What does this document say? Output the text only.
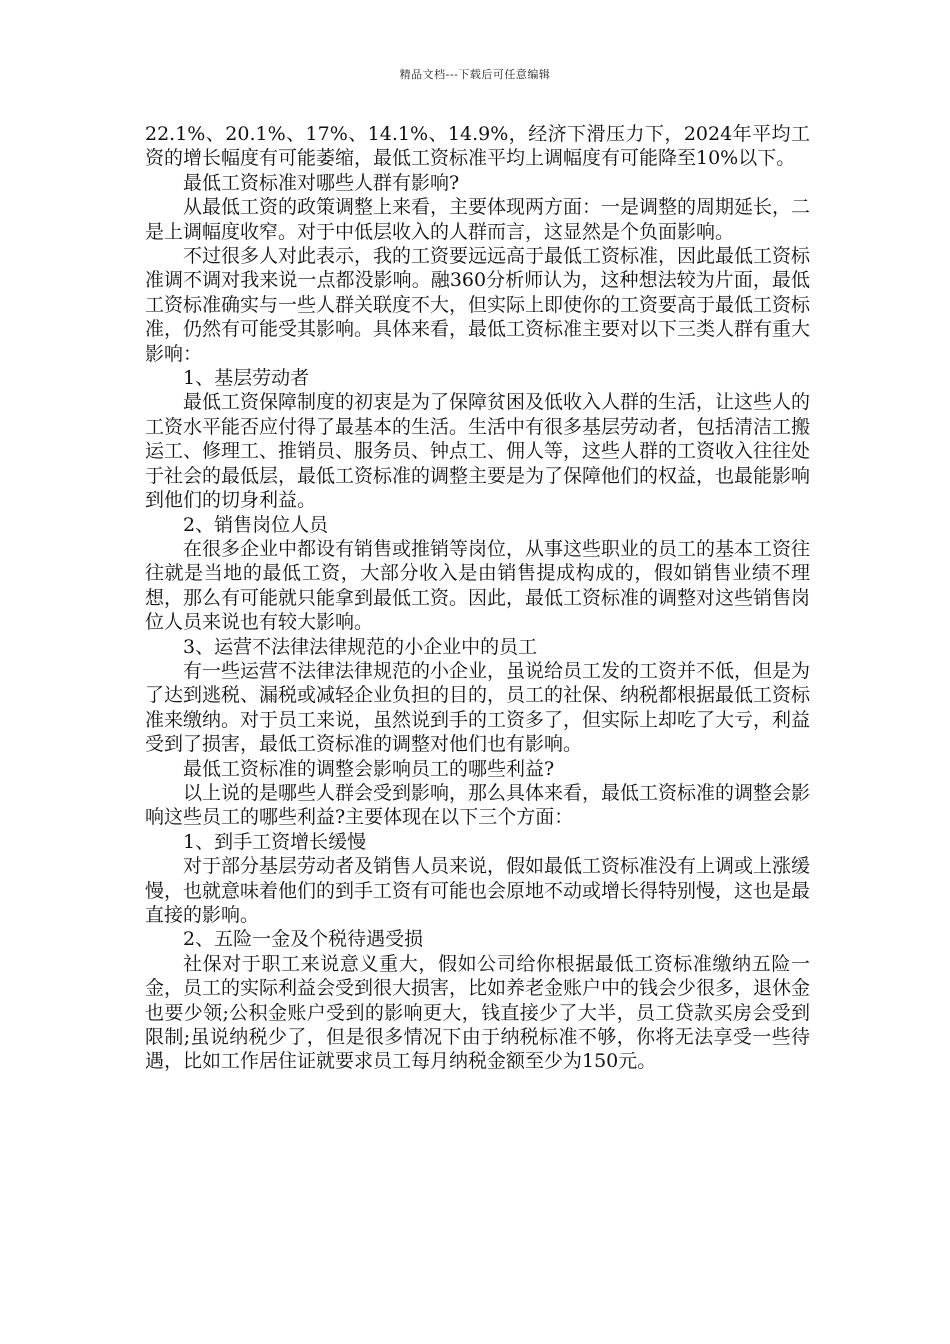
精品文档---下载后可任意编辑

22.1%、20.1%、17%、14.1%、14.9%，经济下滑压力下，2024年平均工资的增长幅度有可能萎缩，最低工资标准平均上调幅度有可能降至10%以下。

最低工资标准对哪些人群有影响?

从最低工资的政策调整上来看，主要体现两方面：一是调整的周期延长，二是上调幅度收窄。对于中低层收入的人群而言，这显然是个负面影响。

不过很多人对此表示，我的工资要远远高于最低工资标准，因此最低工资标准调不调对我来说一点都没影响。融360分析师认为，这种想法较为片面，最低工资标准确实与一些人群关联度不大，但实际上即使你的工资要高于最低工资标准，仍然有可能受其影响。具体来看，最低工资标准主要对以下三类人群有重大影响：

1、基层劳动者

最低工资保障制度的初衷是为了保障贫困及低收入人群的生活，让这些人的工资水平能否应付得了最基本的生活。生活中有很多基层劳动者，包括清洁工搬运工、修理工、推销员、服务员、钟点工、佣人等，这些人群的工资收入往往处于社会的最低层，最低工资标准的调整主要是为了保障他们的权益，也最能影响到他们的切身利益。

2、销售岗位人员

在很多企业中都设有销售或推销等岗位，从事这些职业的员工的基本工资往往就是当地的最低工资，大部分收入是由销售提成构成的，假如销售业绩不理想，那么有可能就只能拿到最低工资。因此，最低工资标准的调整对这些销售岗位人员来说也有较大影响。

3、运营不法律法律规范的小企业中的员工

有一些运营不法律法律规范的小企业，虽说给员工发的工资并不低，但是为了达到逃税、漏税或减轻企业负担的目的，员工的社保、纳税都根据最低工资标准来缴纳。对于员工来说，虽然说到手的工资多了，但实际上却吃了大亏，利益受到了损害，最低工资标准的调整对他们也有影响。

最低工资标准的调整会影响员工的哪些利益?

以上说的是哪些人群会受到影响，那么具体来看，最低工资标准的调整会影响这些员工的哪些利益?主要体现在以下三个方面：

1、到手工资增长缓慢

对于部分基层劳动者及销售人员来说，假如最低工资标准没有上调或上涨缓慢，也就意味着他们的到手工资有可能也会原地不动或增长得特别慢，这也是最直接的影响。

2、五险一金及个税待遇受损

社保对于职工来说意义重大，假如公司给你根据最低工资标准缴纳五险一金，员工的实际利益会受到很大损害，比如养老金账户中的钱会少很多，退休金也要少领;公积金账户受到的影响更大，钱直接少了大半，员工贷款买房会受到限制;虽说纳税少了，但是很多情况下由于纳税标准不够，你将无法享受一些待遇，比如工作居住证就要求员工每月纳税金额至少为150元。
